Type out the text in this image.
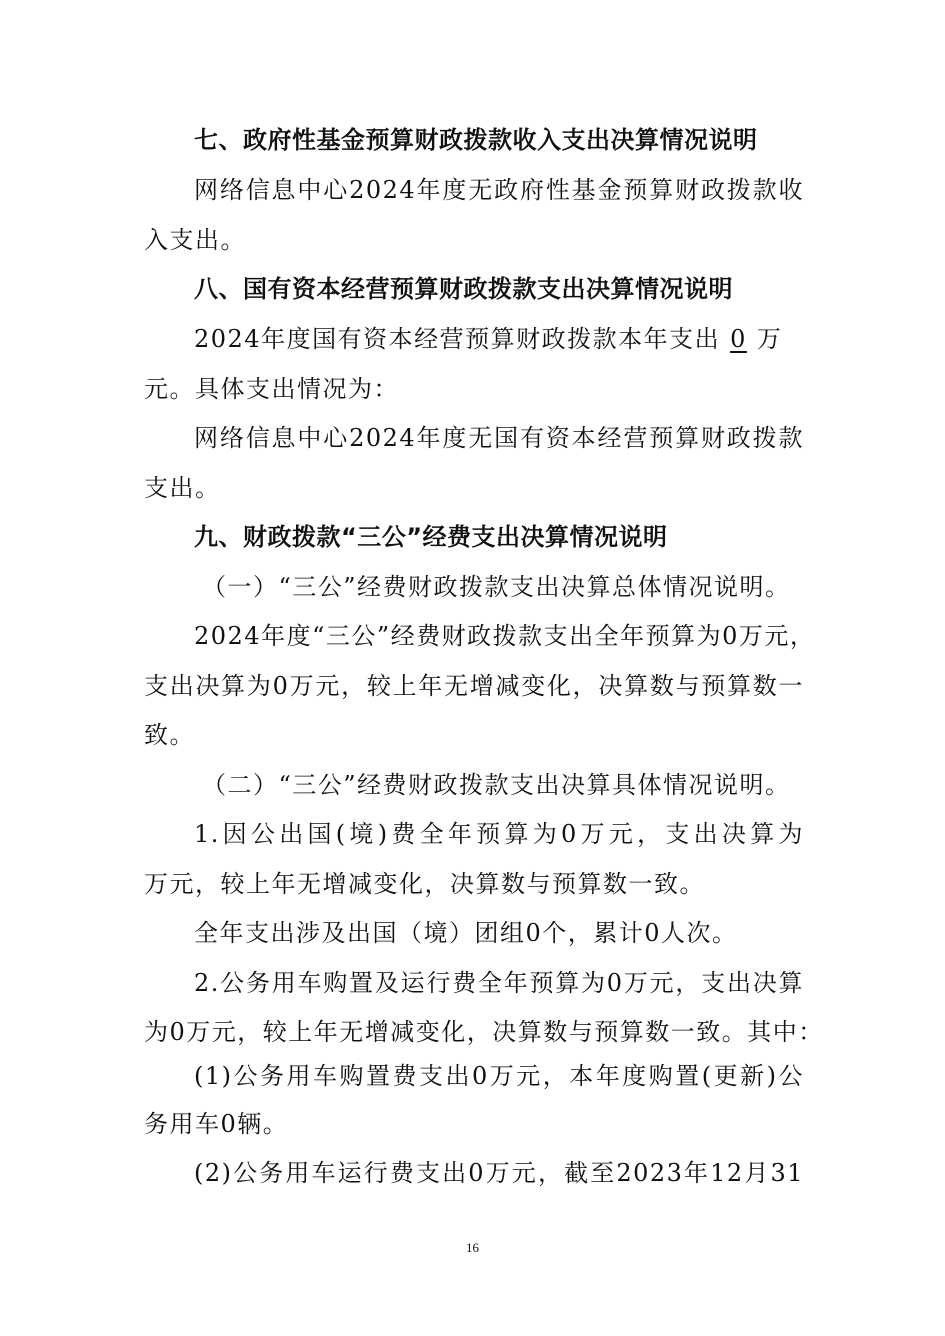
七、政府性基金预算财政拨款收入支出决算情况说明
网络信息中心2024年度无政府性基金预算财政拨款收
入支出。
八、国有资本经营预算财政拨款支出决算情况说明
2024年度国有资本经营预算财政拨款本年支出 0 万
元。具体支出情况为：
网络信息中心2024年度无国有资本经营预算财政拨款
支出。
九、财政拨款“三公”经费支出决算情况说明
（一）“三公”经费财政拨款支出决算总体情况说明。
2024年度“三公”经费财政拨款支出全年预算为0万元，
支出决算为0万元，较上年无增减变化，决算数与预算数一
致。
（二）“三公”经费财政拨款支出决算具体情况说明。
1.因公出国(境)费全年预算为0万元，支出决算为
万元，较上年无增减变化，决算数与预算数一致。
全年支出涉及出国（境）团组0个，累计0人次。
2.公务用车购置及运行费全年预算为0万元，支出决算
为0万元，较上年无增减变化，决算数与预算数一致。其中：
(1)公务用车购置费支出0万元，本年度购置(更新)公
务用车0辆。
(2)公务用车运行费支出0万元，截至2023年12月31
16
